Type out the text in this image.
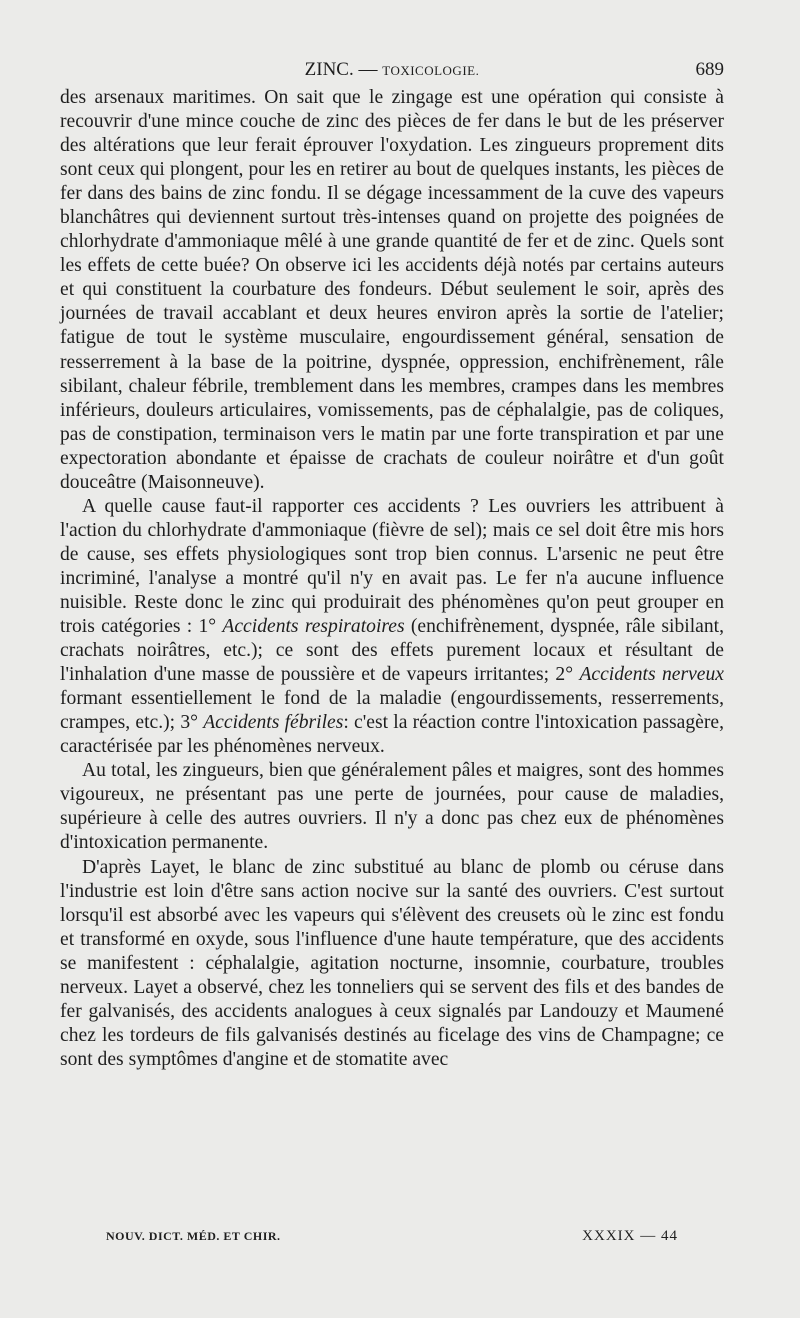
ZINC. — TOXICOLOGIE.	689

des arsenaux maritimes. On sait que le zingage est une opération qui consiste à recouvrir d'une mince couche de zinc des pièces de fer dans le but de les préserver des altérations que leur ferait éprouver l'oxydation. Les zingueurs proprement dits sont ceux qui plongent, pour les en retirer au bout de quelques instants, les pièces de fer dans des bains de zinc fondu. Il se dégage incessamment de la cuve des vapeurs blanchâtres qui deviennent surtout très-intenses quand on projette des poignées de chlorhydrate d'ammoniaque mêlé à une grande quantité de fer et de zinc. Quels sont les effets de cette buée? On observe ici les accidents déjà notés par certains auteurs et qui constituent la courbature des fondeurs. Début seulement le soir, après des journées de travail accablant et deux heures environ après la sortie de l'atelier; fatigue de tout le système musculaire, engourdissement général, sensation de resserrement à la base de la poitrine, dyspnée, oppression, enchifrènement, râle sibilant, chaleur fébrile, tremblement dans les membres, crampes dans les membres inférieurs, douleurs articulaires, vomissements, pas de céphalalgie, pas de coliques, pas de constipation, terminaison vers le matin par une forte transpiration et par une expectoration abondante et épaisse de crachats de couleur noirâtre et d'un goût douceâtre (Maisonneuve).

A quelle cause faut-il rapporter ces accidents ? Les ouvriers les attribuent à l'action du chlorhydrate d'ammoniaque (fièvre de sel); mais ce sel doit être mis hors de cause, ses effets physiologiques sont trop bien connus. L'arsenic ne peut être incriminé, l'analyse a montré qu'il n'y en avait pas. Le fer n'a aucune influence nuisible. Reste donc le zinc qui produirait des phénomènes qu'on peut grouper en trois catégories : 1° Accidents respiratoires (enchifrènement, dyspnée, râle sibilant, crachats noirâtres, etc.); ce sont des effets purement locaux et résultant de l'inhalation d'une masse de poussière et de vapeurs irritantes; 2° Accidents nerveux formant essentiellement le fond de la maladie (engourdissements, resserrements, crampes, etc.); 3° Accidents fébriles: c'est la réaction contre l'intoxication passagère, caractérisée par les phénomènes nerveux.

Au total, les zingueurs, bien que généralement pâles et maigres, sont des hommes vigoureux, ne présentant pas une perte de journées, pour cause de maladies, supérieure à celle des autres ouvriers. Il n'y a donc pas chez eux de phénomènes d'intoxication permanente.

D'après Layet, le blanc de zinc substitué au blanc de plomb ou céruse dans l'industrie est loin d'être sans action nocive sur la santé des ouvriers. C'est surtout lorsqu'il est absorbé avec les vapeurs qui s'élèvent des creusets où le zinc est fondu et transformé en oxyde, sous l'influence d'une haute température, que des accidents se manifestent : céphalalgie, agitation nocturne, insomnie, courbature, troubles nerveux. Layet a observé, chez les tonneliers qui se servent des fils et des bandes de fer galvanisés, des accidents analogues à ceux signalés par Landouzy et Maumené chez les tordeurs de fils galvanisés destinés au ficelage des vins de Champagne; ce sont des symptômes d'angine et de stomatite avec

NOUV. DICT. MÉD. ET CHIR.	XXXIX — 44
